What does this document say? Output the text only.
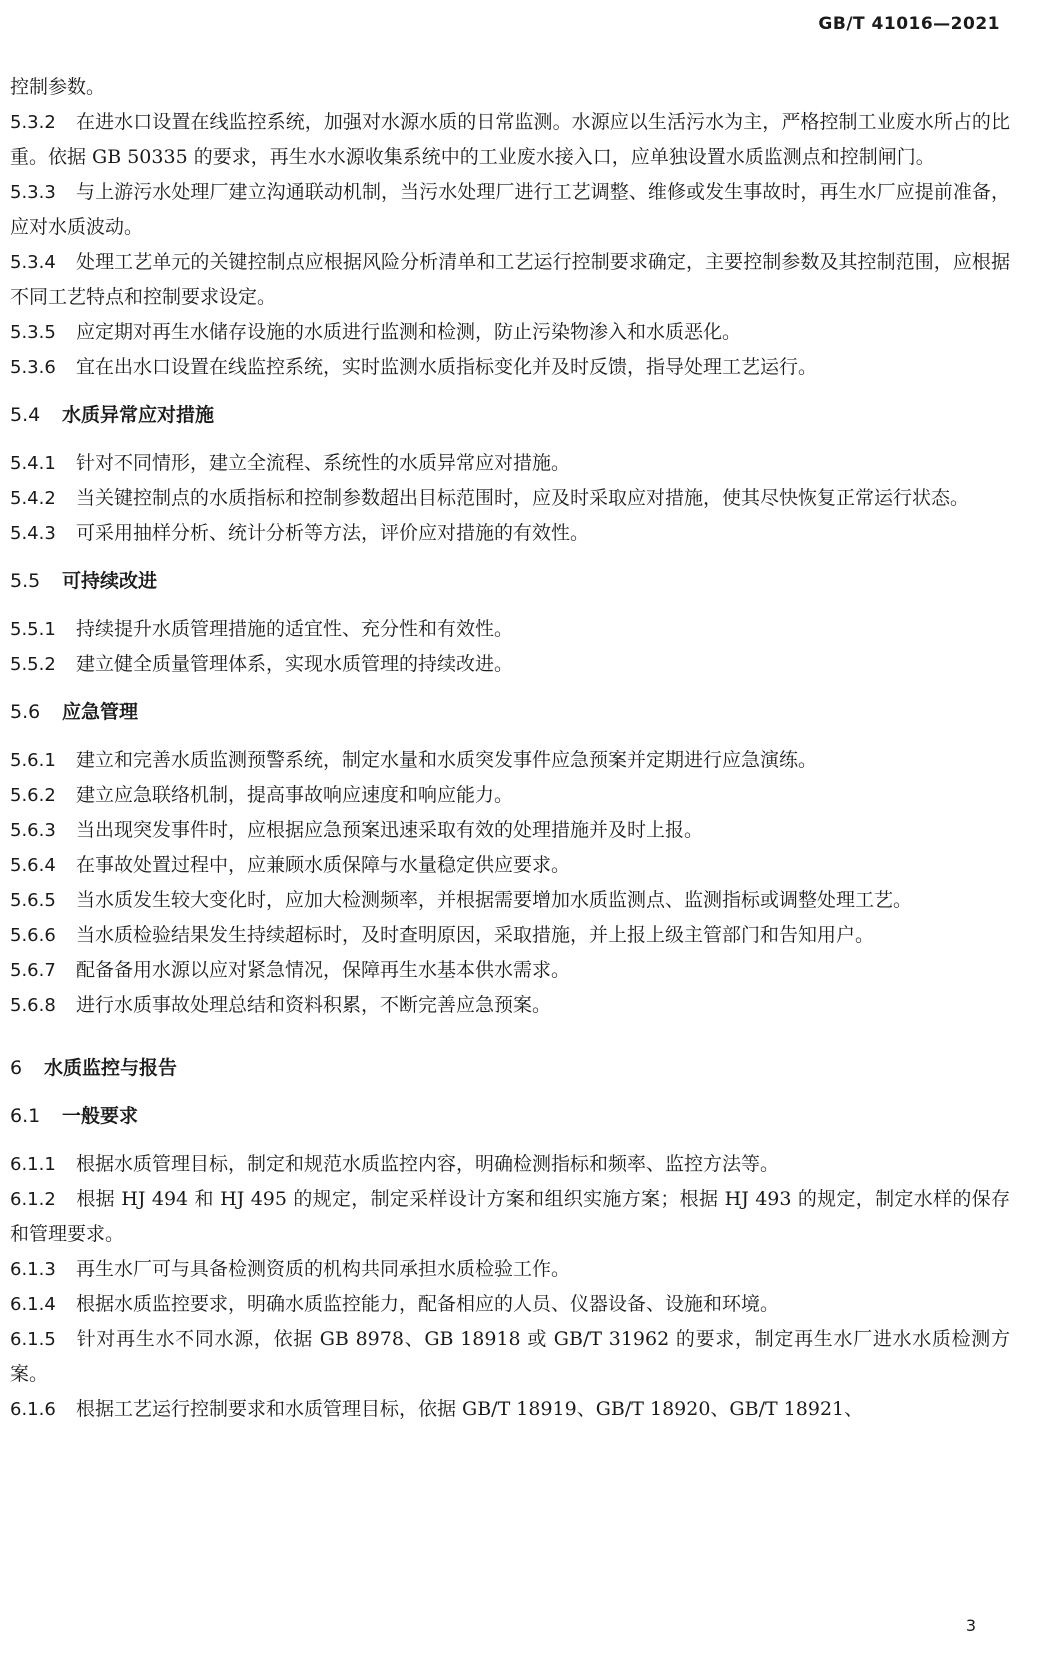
GB/T 41016—2021

控制参数。

5.3.2 在进水口设置在线监控系统，加强对水源水质的日常监测。水源应以生活污水为主，严格控制工业废水所占的比重。依据 GB 50335 的要求，再生水水源收集系统中的工业废水接入口，应单独设置水质监测点和控制闸门。

5.3.3 与上游污水处理厂建立沟通联动机制，当污水处理厂进行工艺调整、维修或发生事故时，再生水厂应提前准备，应对水质波动。

5.3.4 处理工艺单元的关键控制点应根据风险分析清单和工艺运行控制要求确定，主要控制参数及其控制范围，应根据不同工艺特点和控制要求设定。

5.3.5 应定期对再生水储存设施的水质进行监测和检测，防止污染物渗入和水质恶化。

5.3.6 宜在出水口设置在线监控系统，实时监测水质指标变化并及时反馈，指导处理工艺运行。

5.4 水质异常应对措施

5.4.1 针对不同情形，建立全流程、系统性的水质异常应对措施。

5.4.2 当关键控制点的水质指标和控制参数超出目标范围时，应及时采取应对措施，使其尽快恢复正常运行状态。

5.4.3 可采用抽样分析、统计分析等方法，评价应对措施的有效性。

5.5 可持续改进

5.5.1 持续提升水质管理措施的适宜性、充分性和有效性。

5.5.2 建立健全质量管理体系，实现水质管理的持续改进。

5.6 应急管理

5.6.1 建立和完善水质监测预警系统，制定水量和水质突发事件应急预案并定期进行应急演练。

5.6.2 建立应急联络机制，提高事故响应速度和响应能力。

5.6.3 当出现突发事件时，应根据应急预案迅速采取有效的处理措施并及时上报。

5.6.4 在事故处置过程中，应兼顾水质保障与水量稳定供应要求。

5.6.5 当水质发生较大变化时，应加大检测频率，并根据需要增加水质监测点、监测指标或调整处理工艺。

5.6.6 当水质检验结果发生持续超标时，及时查明原因，采取措施，并上报上级主管部门和告知用户。

5.6.7 配备备用水源以应对紧急情况，保障再生水基本供水需求。

5.6.8 进行水质事故处理总结和资料积累，不断完善应急预案。

6 水质监控与报告
6.1 一般要求

6.1.1 根据水质管理目标，制定和规范水质监控内容，明确检测指标和频率、监控方法等。

6.1.2 根据 HJ 494 和 HJ 495 的规定，制定采样设计方案和组织实施方案；根据 HJ 493 的规定，制定水样的保存和管理要求。

6.1.3 再生水厂可与具备检测资质的机构共同承担水质检验工作。

6.1.4 根据水质监控要求，明确水质监控能力，配备相应的人员、仪器设备、设施和环境。

6.1.5 针对再生水不同水源，依据 GB 8978、GB 18918 或 GB/T 31962 的要求，制定再生水厂进水水质检测方案。

6.1.6 根据工艺运行控制要求和水质管理目标，依据 GB/T 18919、GB/T 18920、GB/T 18921、

3
